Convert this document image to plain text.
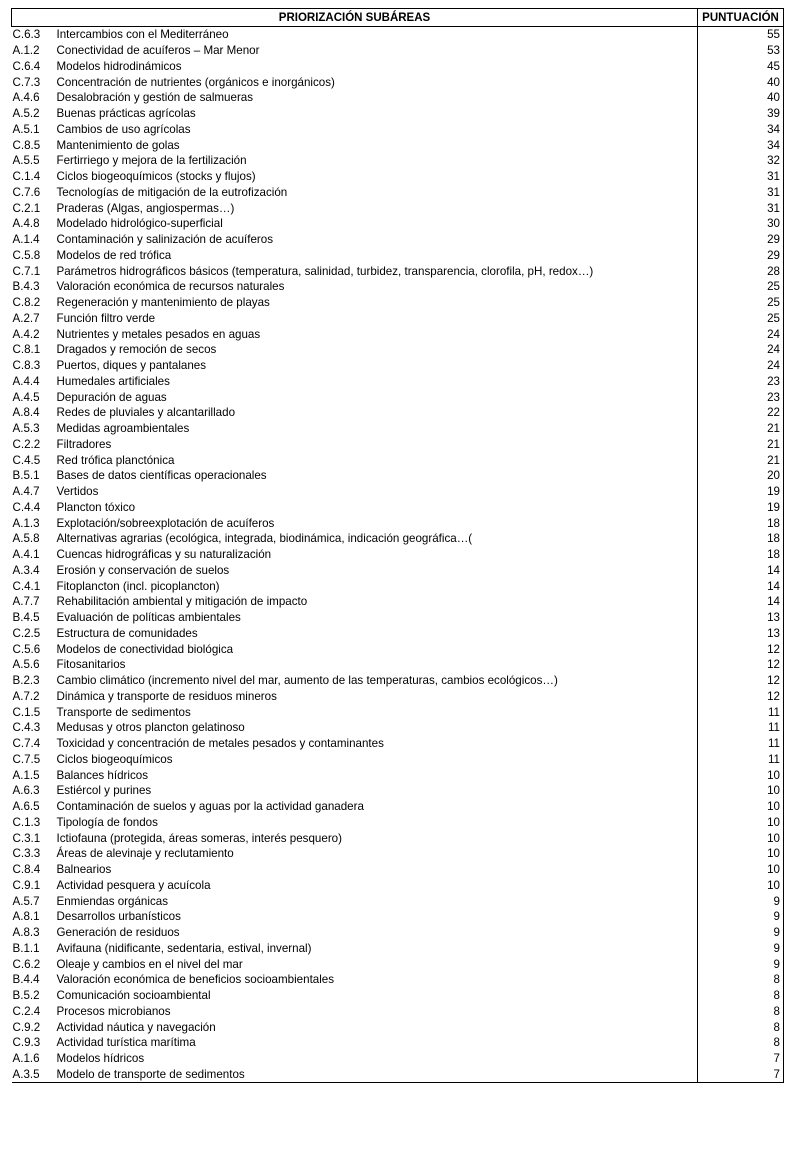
PRIORIZACIÓN SUBÁREAS		PUNTUACIÓN
C.6.3	Intercambios con el Mediterráneo	55
A.1.2	Conectividad de acuíferos – Mar Menor	53
C.6.4	Modelos hidrodinámicos	45
C.7.3	Concentración de nutrientes (orgánicos e inorgánicos)	40
A.4.6	Desalobración y gestión de salmueras	40
A.5.2	Buenas prácticas agrícolas	39
A.5.1	Cambios de uso agrícolas	34
C.8.5	Mantenimiento de golas	34
A.5.5	Fertirriego y mejora de la fertilización	32
C.1.4	Ciclos biogeoquímicos (stocks y flujos)	31
C.7.6	Tecnologías de mitigación de la eutrofización	31
C.2.1	Praderas (Algas, angiospermas…)	31
A.4.8	Modelado hidrológico-superficial	30
A.1.4	Contaminación y salinización de acuíferos	29
C.5.8	Modelos de red trófica	29
C.7.1	Parámetros hidrográficos básicos (temperatura, salinidad, turbidez, transparencia, clorofila, pH, redox…)	28
B.4.3	Valoración económica de recursos naturales	25
C.8.2	Regeneración y mantenimiento de playas	25
A.2.7	Función filtro verde	25
A.4.2	Nutrientes y metales pesados en aguas	24
C.8.1	Dragados y remoción de secos	24
C.8.3	Puertos, diques y pantalanes	24
A.4.4	Humedales artificiales	23
A.4.5	Depuración de aguas	23
A.8.4	Redes de pluviales y alcantarillado	22
A.5.3	Medidas agroambientales	21
C.2.2	Filtradores	21
C.4.5	Red trófica planctónica	21
B.5.1	Bases de datos científicas operacionales	20
A.4.7	Vertidos	19
C.4.4	Plancton tóxico	19
A.1.3	Explotación/sobreexplotación de acuíferos	18
A.5.8	Alternativas agrarias (ecológica, integrada, biodinámica, indicación geográfica…(	18
A.4.1	Cuencas hidrográficas y su naturalización	18
A.3.4	Erosión y conservación de suelos	14
C.4.1	Fitoplancton (incl. picoplancton)	14
A.7.7	Rehabilitación ambiental y mitigación de impacto	14
B.4.5	Evaluación de políticas ambientales	13
C.2.5	Estructura de comunidades	13
C.5.6	Modelos de conectividad biológica	12
A.5.6	Fitosanitarios	12
B.2.3	Cambio climático (incremento nivel del mar, aumento de las temperaturas, cambios ecológicos…)	12
A.7.2	Dinámica y transporte de residuos mineros	12
C.1.5	Transporte de sedimentos	11
C.4.3	Medusas y otros plancton gelatinoso	11
C.7.4	Toxicidad y concentración de metales pesados y contaminantes	11
C.7.5	Ciclos biogeoquímicos	11
A.1.5	Balances hídricos	10
A.6.3	Estiércol y purines	10
A.6.5	Contaminación de suelos y aguas por la actividad ganadera	10
C.1.3	Tipología de fondos	10
C.3.1	Ictiofauna (protegida, áreas someras, interés pesquero)	10
C.3.3	Áreas de alevinaje y reclutamiento	10
C.8.4	Balnearios	10
C.9.1	Actividad pesquera y acuícola	10
A.5.7	Enmiendas orgánicas	9
A.8.1	Desarrollos urbanísticos	9
A.8.3	Generación de residuos	9
B.1.1	Avifauna (nidificante, sedentaria, estival, invernal)	9
C.6.2	Oleaje y cambios en el nivel del mar	9
B.4.4	Valoración económica de beneficios socioambientales	8
B.5.2	Comunicación socioambiental	8
C.2.4	Procesos microbianos	8
C.9.2	Actividad náutica y navegación	8
C.9.3	Actividad turística marítima	8
A.1.6	Modelos hídricos	7
A.3.5	Modelo de transporte de sedimentos	7
